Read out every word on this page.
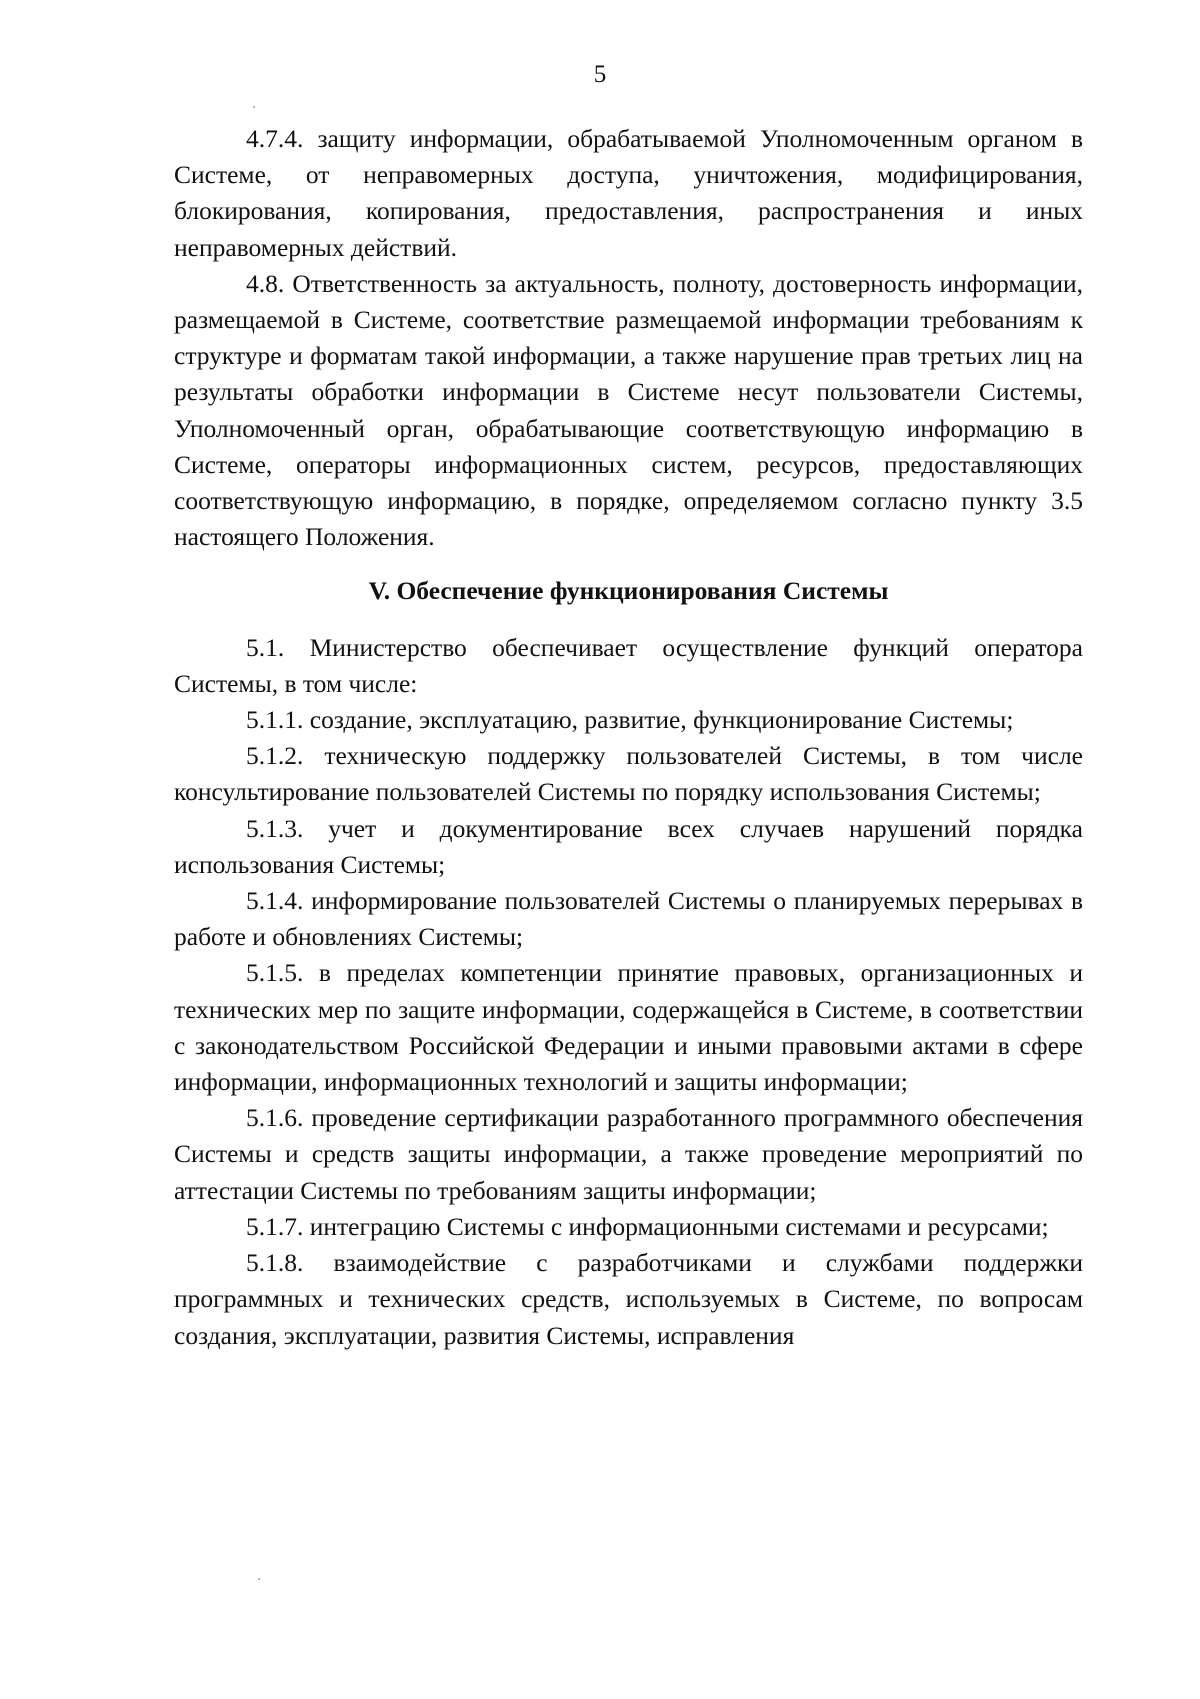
5

4.7.4. защиту информации, обрабатываемой Уполномоченным органом в Системе, от неправомерных доступа, уничтожения, модифицирования, блокирования, копирования, предоставления, распространения и иных неправомерных действий.

4.8. Ответственность за актуальность, полноту, достоверность информации, размещаемой в Системе, соответствие размещаемой информации требованиям к структуре и форматам такой информации, а также нарушение прав третьих лиц на результаты обработки информации в Системе несут пользователи Системы, Уполномоченный орган, обрабатывающие соответствующую информацию в Системе, операторы информационных систем, ресурсов, предоставляющих соответствующую информацию, в порядке, определяемом согласно пункту 3.5 настоящего Положения.

V. Обеспечение функционирования Системы

5.1. Министерство обеспечивает осуществление функций оператора Системы, в том числе:

5.1.1. создание, эксплуатацию, развитие, функционирование Системы;

5.1.2. техническую поддержку пользователей Системы, в том числе консультирование пользователей Системы по порядку использования Системы;

5.1.3. учет и документирование всех случаев нарушений порядка использования Системы;

5.1.4. информирование пользователей Системы о планируемых перерывах в работе и обновлениях Системы;

5.1.5. в пределах компетенции принятие правовых, организационных и технических мер по защите информации, содержащейся в Системе, в соответствии с законодательством Российской Федерации и иными правовыми актами в сфере информации, информационных технологий и защиты информации;

5.1.6. проведение сертификации разработанного программного обеспечения Системы и средств защиты информации, а также проведение мероприятий по аттестации Системы по требованиям защиты информации;

5.1.7. интеграцию Системы с информационными системами и ресурсами;

5.1.8. взаимодействие с разработчиками и службами поддержки программных и технических средств, используемых в Системе, по вопросам создания, эксплуатации, развития Системы, исправления
